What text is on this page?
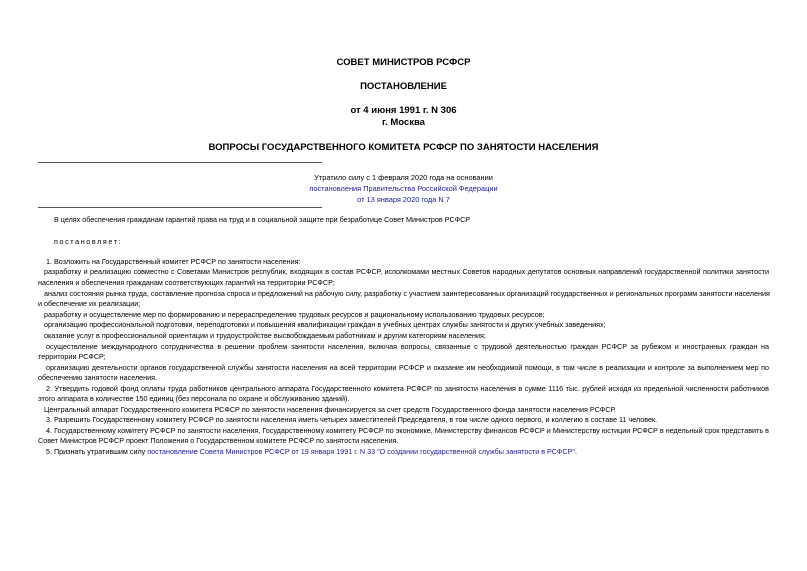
СОВЕТ МИНИСТРОВ РСФСР
ПОСТАНОВЛЕНИЕ
от 4 июня 1991 г. N 306
г. Москва
ВОПРОСЫ ГОСУДАРСТВЕННОГО КОМИТЕТА РСФСР ПО ЗАНЯТОСТИ НАСЕЛЕНИЯ
Утратило силу с 1 февраля 2020 года на основании
постановления Правительства Российской Федерации
от 13 января 2020 года N 7
В целях обеспечения гражданам гарантий права на труд и в социальной защите при безработице Совет Министров РСФСР
постановляет:
1. Возложить на Государственный комитет РСФСР по занятости населения:
разработку и реализацию совместно с Советами Министров республик, входящих в состав РСФСР, исполкомами местных Советов народных депутатов основных направлений государственной политики занятости
населения и обеспечения гражданам соответствующих гарантий на территории РСФСР;
анализ состояния рынка труда, составление прогноза спроса и предложений на рабочую силу, разработку с участием заинтересованных организаций государственных и региональных программ занятости населения
и обеспечение их реализации;
разработку и осуществление мер по формированию и перераспределению трудовых ресурсов и рациональному использованию трудовых ресурсов;
организацию профессиональной подготовки, переподготовки и повышения квалификации граждан в учебных центрах службы занятости и других учебных заведениях;
оказание услуг в профессиональной ориентации и трудоустройстве высвобождаемым работникам и другим категориям населения;
осуществление международного сотрудничества в решении проблем занятости населения, включая вопросы, связанные с трудовой деятельностью граждан РСФСР за рубежом и иностранных граждан на
территории РСФСР;
организацию деятельности органов государственной службы занятости населения на всей территории РСФСР и оказание им необходимой помощи, в том числе в реализации и контроле за выполнением мер по
обеспечению занятости населения.
2. Утвердить годовой фонд оплаты труда работников центрального аппарата Государственного комитета РСФСР по занятости населения в сумме 1116 тыс. рублей исходя из предельной численности работников
этого аппарата в количестве 150 единиц (без персонала по охране и обслуживанию зданий).
Центральный аппарат Государственного комитета РСФСР по занятости населения финансируется за счет средств Государственного фонда занятости населения РСФСР.
3. Разрешить Государственному комитету РСФСР по занятости населения иметь четырех заместителей Председателя, в том числе одного первого, и коллегию в составе 11 человек.
4. Государственному комитету РСФСР по занятости населения, Государственному комитету РСФСР по экономике, Министерству финансов РСФСР и Министерству юстиции РСФСР в недельный срок представить в
Совет Министров РСФСР проект Положения о Государственном комитете РСФСР по занятости населения.
5. Признать утратившим силу постановление Совета Министров РСФСР от 19 января 1991 г. N 33 "О создании государственной службы занятости в РСФСР".
